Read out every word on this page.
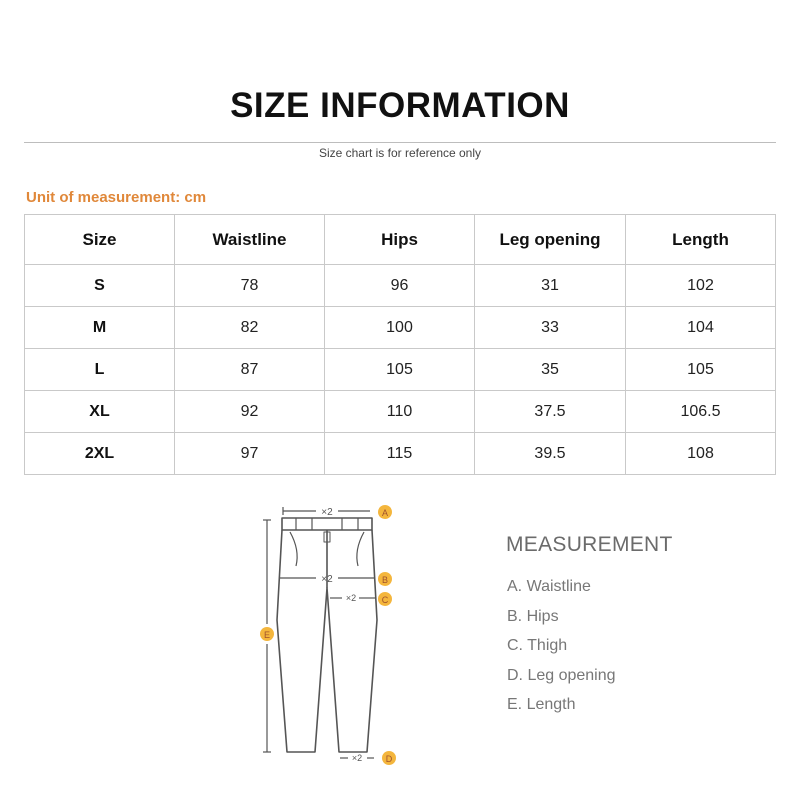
SIZE INFORMATION
Size chart is for reference only
Unit of measurement: cm
Size	Waistline	Hips	Leg opening	Length
S	78	96	31	102
M	82	100	33	104
L	87	105	35	105
XL	92	110	37.5	106.5
2XL	97	115	39.5	108
×2	A
×2	B
×2	C
E
×2	D
MEASUREMENT
A. Waistline
B. Hips
C. Thigh
D. Leg opening
E. Length
